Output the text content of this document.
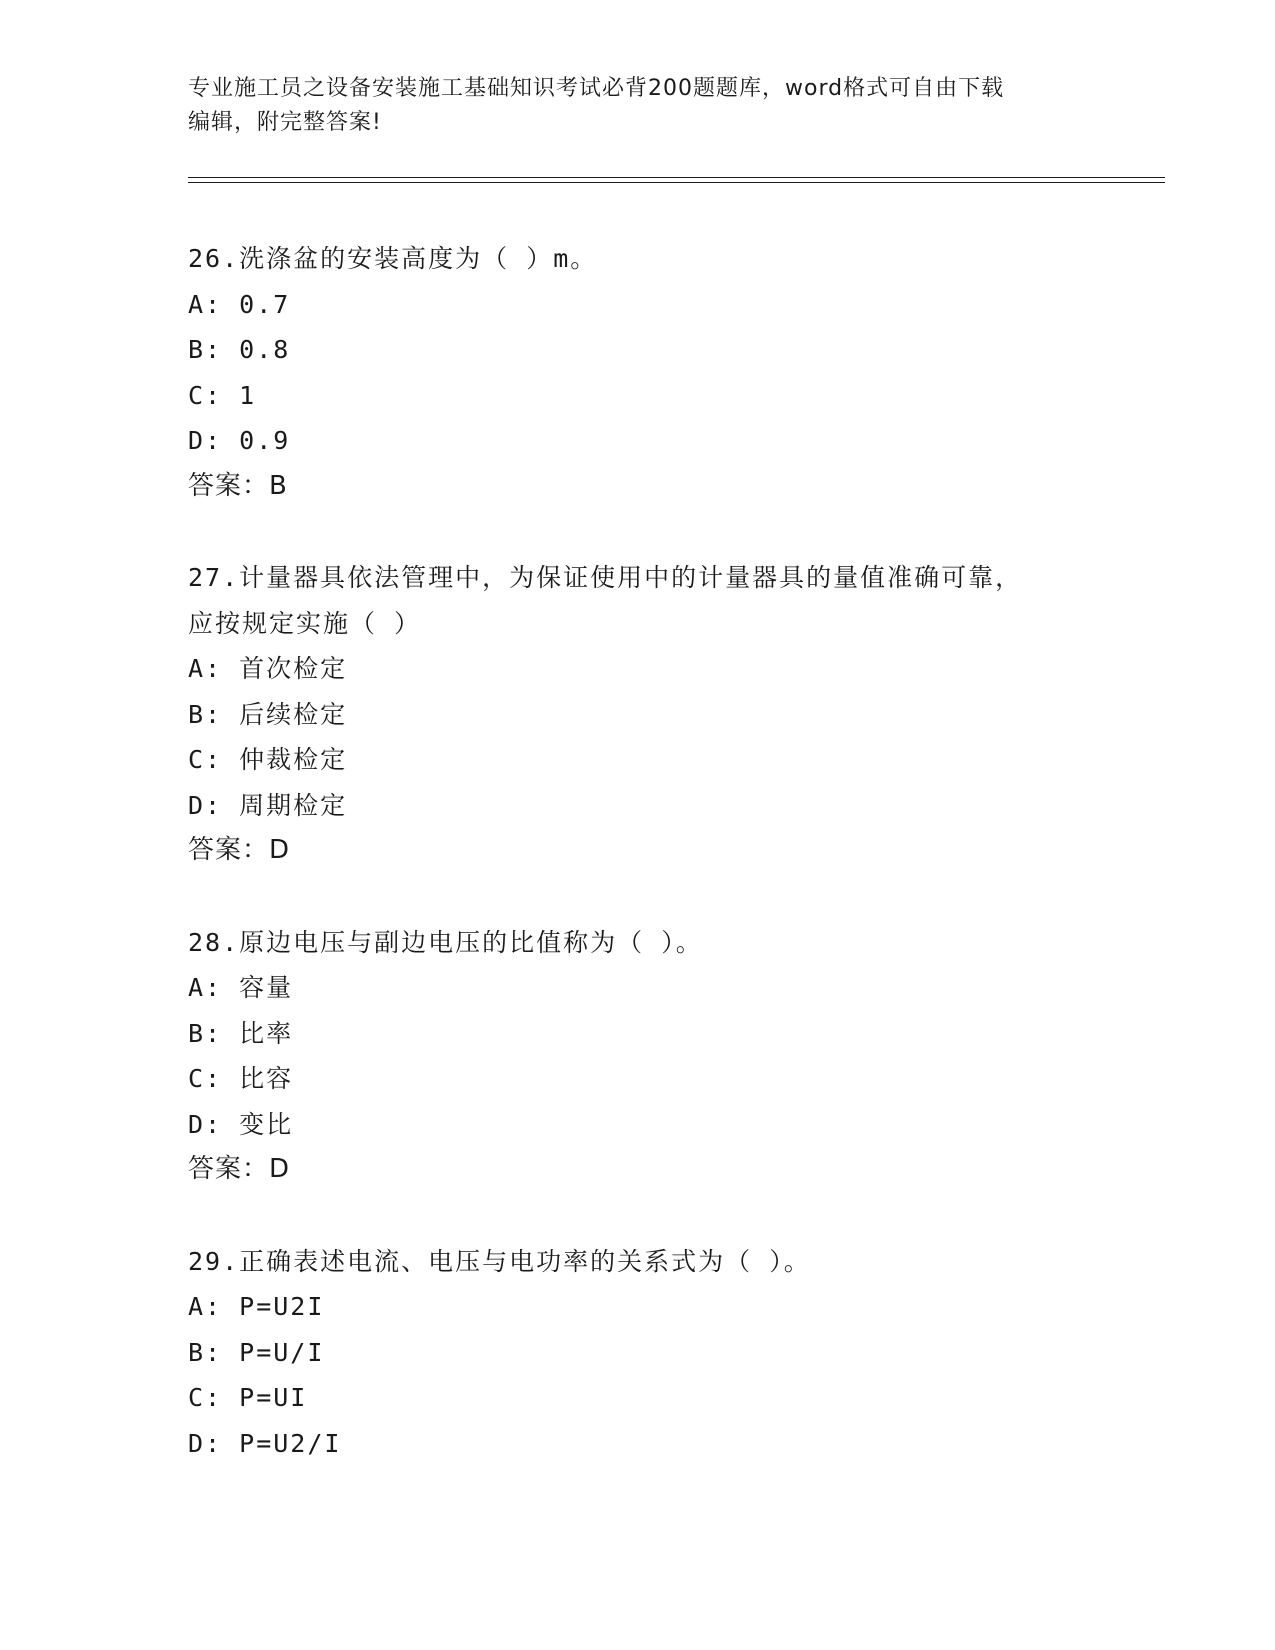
专业施工员之设备安装施工基础知识考试必背200题题库，word格式可自由下载
编辑，附完整答案!
26.洗涤盆的安装高度为（ ）m。
A: 0.7
B: 0.8
C: 1
D: 0.9
答案：B
27.计量器具依法管理中，为保证使用中的计量器具的量值准确可靠，
应按规定实施（ ）
A: 首次检定
B: 后续检定
C: 仲裁检定
D: 周期检定
答案：D
28.原边电压与副边电压的比值称为（ ）。
A: 容量
B: 比率
C: 比容
D: 变比
答案：D
29.正确表述电流、电压与电功率的关系式为（ ）。
A: P=U2I
B: P=U/I
C: P=UI
D: P=U2/I
